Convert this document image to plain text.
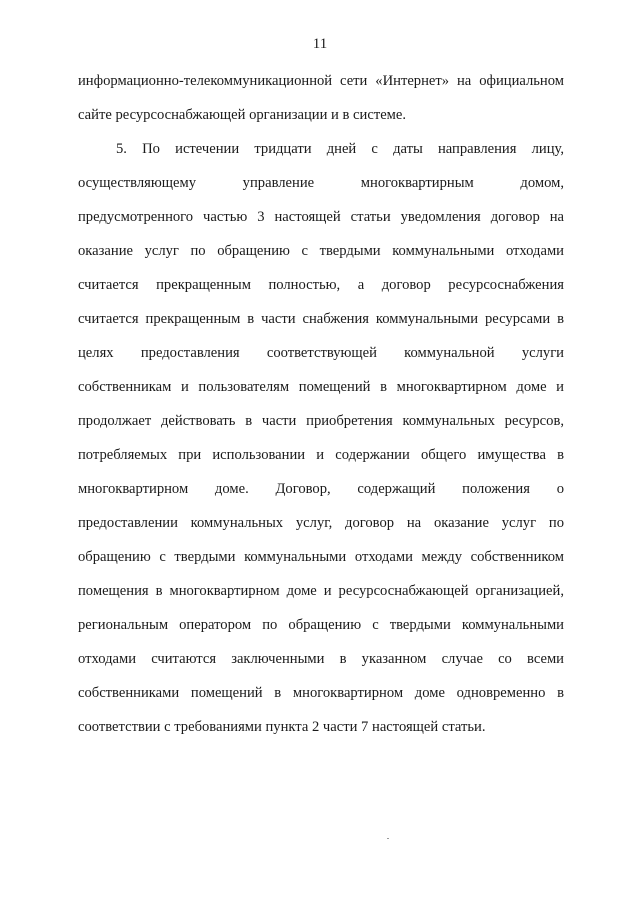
11

информационно-телекоммуникационной сети «Интернет» на официальном
сайте ресурсоснабжающей организации и в системе.

5. По истечении тридцати дней с даты направления лицу,
осуществляющему управление многоквартирным домом,
предусмотренного частью 3 настоящей статьи уведомления договор на
оказание услуг по обращению с твердыми коммунальными отходами
считается прекращенным полностью, а договор ресурсоснабжения
считается прекращенным в части снабжения коммунальными ресурсами в
целях предоставления соответствующей коммунальной услуги
собственникам и пользователям помещений в многоквартирном доме и
продолжает действовать в части приобретения коммунальных ресурсов,
потребляемых при использовании и содержании общего имущества в
многоквартирном доме. Договор, содержащий положения о
предоставлении коммунальных услуг, договор на оказание услуг по
обращению с твердыми коммунальными отходами между собственником
помещения в многоквартирном доме и ресурсоснабжающей организацией,
региональным оператором по обращению с твердыми коммунальными
отходами считаются заключенными в указанном случае со всеми
собственниками помещений в многоквартирном доме одновременно в
соответствии с требованиями пункта 2 части 7 настоящей статьи.
